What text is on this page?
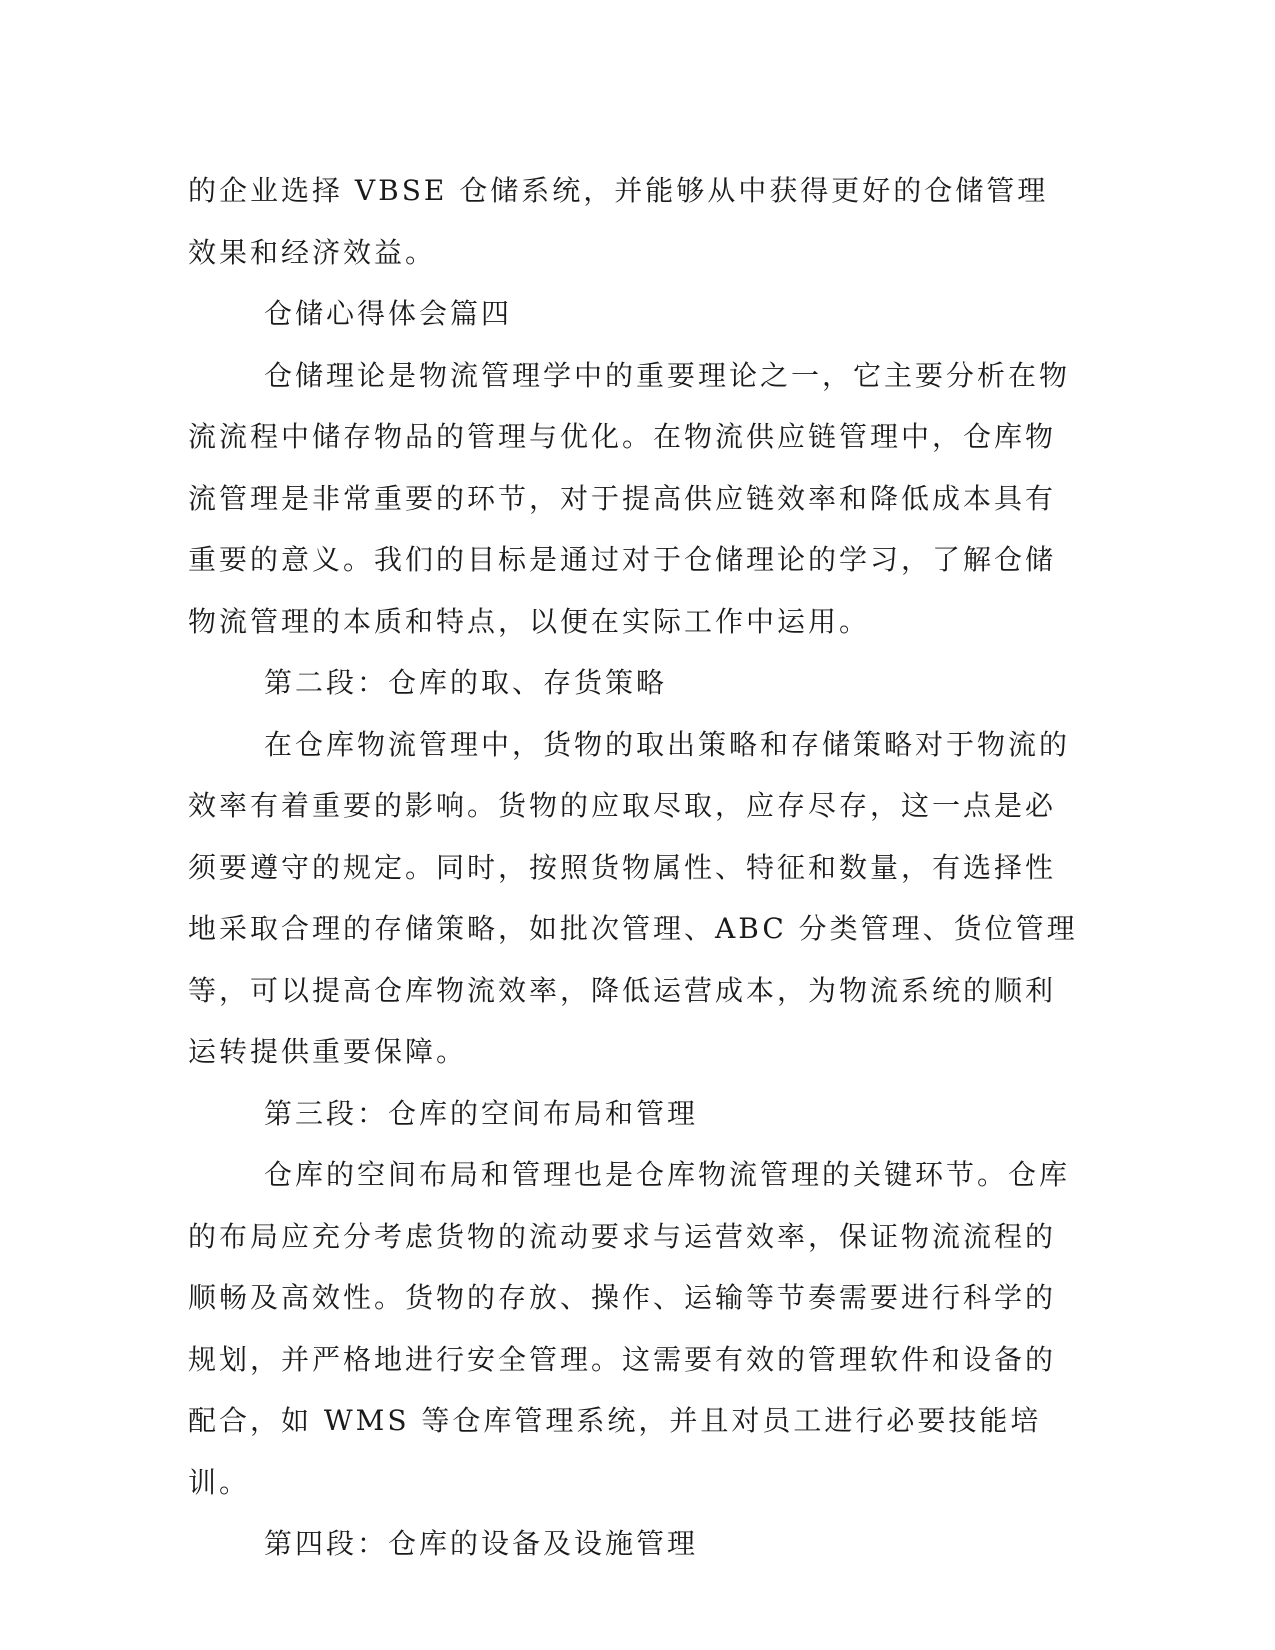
的企业选择 VBSE 仓储系统，并能够从中获得更好的仓储管理效果和经济效益。

仓储心得体会篇四

仓储理论是物流管理学中的重要理论之一，它主要分析在物流流程中储存物品的管理与优化。在物流供应链管理中，仓库物流管理是非常重要的环节，对于提高供应链效率和降低成本具有重要的意义。我们的目标是通过对于仓储理论的学习，了解仓储物流管理的本质和特点，以便在实际工作中运用。

第二段：仓库的取、存货策略

在仓库物流管理中，货物的取出策略和存储策略对于物流的效率有着重要的影响。货物的应取尽取，应存尽存，这一点是必须要遵守的规定。同时，按照货物属性、特征和数量，有选择性地采取合理的存储策略，如批次管理、ABC 分类管理、货位管理等，可以提高仓库物流效率，降低运营成本，为物流系统的顺利运转提供重要保障。

第三段：仓库的空间布局和管理

仓库的空间布局和管理也是仓库物流管理的关键环节。仓库的布局应充分考虑货物的流动要求与运营效率，保证物流流程的顺畅及高效性。货物的存放、操作、运输等节奏需要进行科学的规划，并严格地进行安全管理。这需要有效的管理软件和设备的配合，如 WMS 等仓库管理系统，并且对员工进行必要技能培训。

第四段：仓库的设备及设施管理
